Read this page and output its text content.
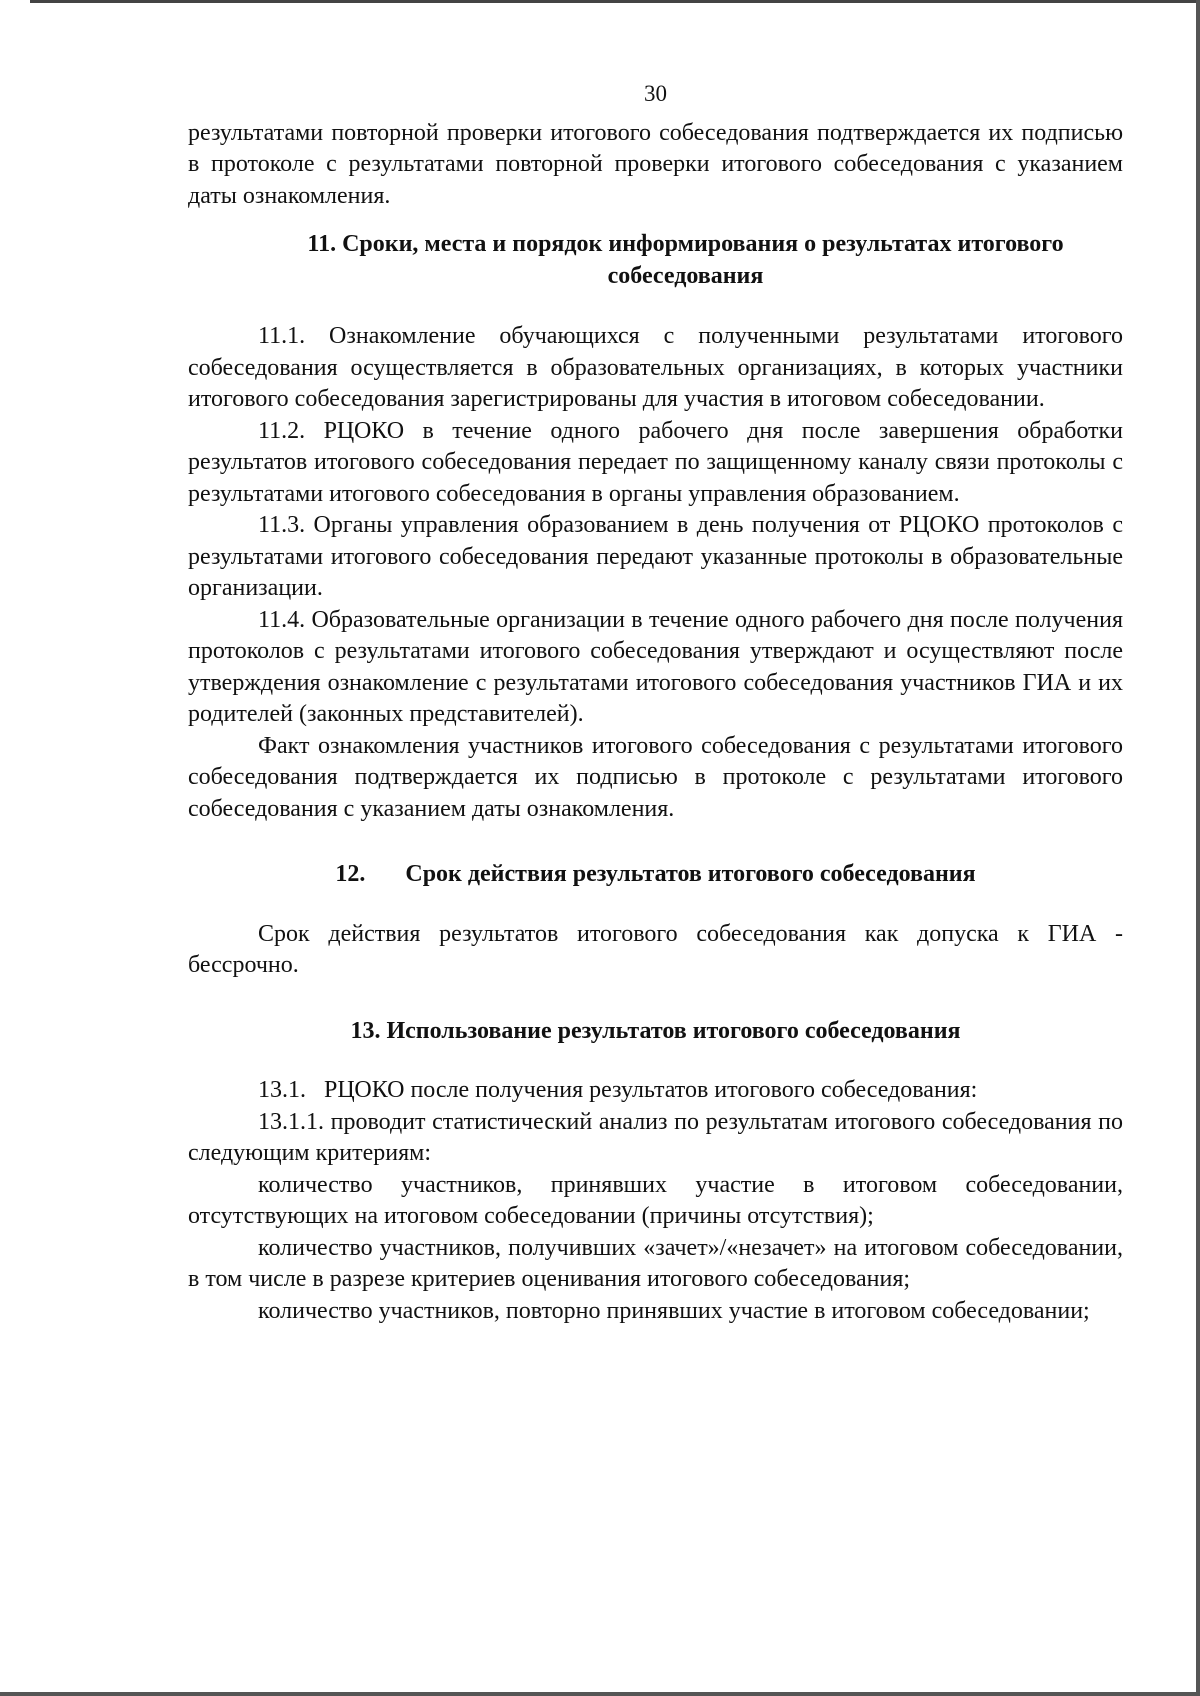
30

результатами повторной проверки итогового собеседования подтверждается их подписью в протоколе с результатами повторной проверки итогового собеседования с указанием даты ознакомления.

11. Сроки, места и порядок информирования о результатах итогового собеседования

11.1. Ознакомление обучающихся с полученными результатами итогового собеседования осуществляется в образовательных организациях, в которых участники итогового собеседования зарегистрированы для участия в итоговом собеседовании.

11.2. РЦОКО в течение одного рабочего дня после завершения обработки результатов итогового собеседования передает по защищенному каналу связи протоколы с результатами итогового собеседования в органы управления образованием.

11.3. Органы управления образованием в день получения от РЦОКО протоколов с результатами итогового собеседования передают указанные протоколы в образовательные организации.

11.4. Образовательные организации в течение одного рабочего дня после получения протоколов с результатами итогового собеседования утверждают и осуществляют после утверждения ознакомление с результатами итогового собеседования участников ГИА и их родителей (законных представителей).

Факт ознакомления участников итогового собеседования с результатами итогового собеседования подтверждается их подписью в протоколе с результатами итогового собеседования с указанием даты ознакомления.

12. Срок действия результатов итогового собеседования

Срок действия результатов итогового собеседования как допуска к ГИА - бессрочно.

13. Использование результатов итогового собеседования

13.1.   РЦОКО после получения результатов итогового собеседования:

13.1.1. проводит статистический анализ по результатам итогового собеседования по следующим критериям:

количество участников, принявших участие в итоговом собеседовании, отсутствующих на итоговом собеседовании (причины отсутствия);

количество участников, получивших «зачет»/«незачет» на итоговом собеседовании, в том числе в разрезе критериев оценивания итогового собеседования;

количество участников, повторно принявших участие в итоговом собеседовании;
